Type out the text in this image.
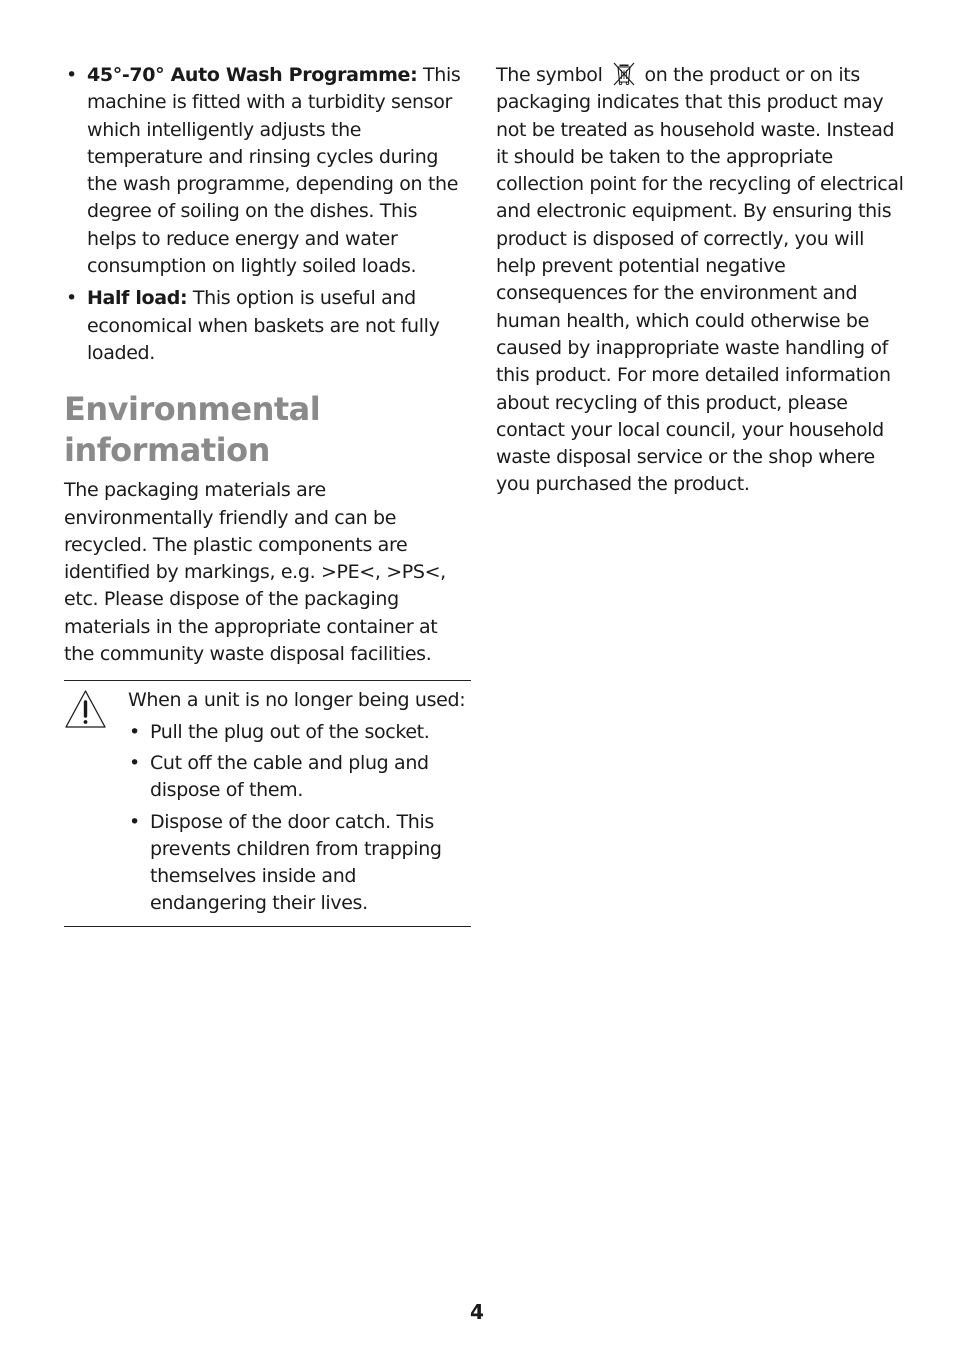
• 45°-70° Auto Wash Programme: This machine is fitted with a turbidity sensor which intelligently adjusts the temperature and rinsing cycles during the wash programme, depending on the degree of soiling on the dishes. This helps to reduce energy and water consumption on lightly soiled loads.
• Half load: This option is useful and economical when baskets are not fully loaded.
Environmental information

The packaging materials are environmentally friendly and can be recycled. The plastic components are identified by markings, e.g. >PE<, >PS<, etc. Please dispose of the packaging materials in the appropriate container at the community waste disposal facilities.

When a unit is no longer being used:
• Pull the plug out of the socket.
• Cut off the cable and plug and dispose of them.
• Dispose of the door catch. This prevents children from trapping themselves inside and endangering their lives.

The symbol on the product or on its packaging indicates that this product may not be treated as household waste. Instead it should be taken to the appropriate collection point for the recycling of electrical and electronic equipment. By ensuring this product is disposed of correctly, you will help prevent potential negative consequences for the environment and human health, which could otherwise be caused by inappropriate waste handling of this product. For more detailed information about recycling of this product, please contact your local council, your household waste disposal service or the shop where you purchased the product.

4
